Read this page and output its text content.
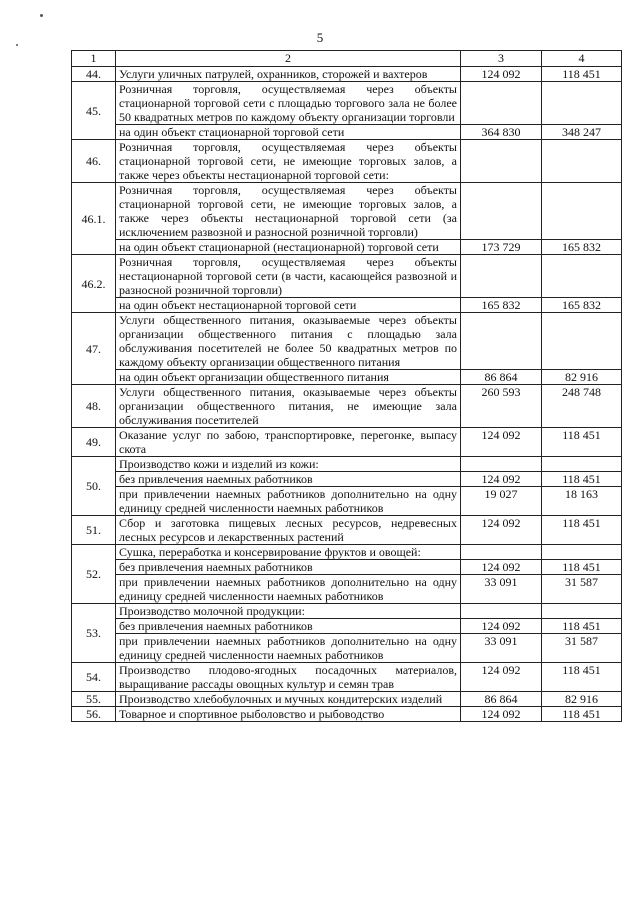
5
1	2	3	4
44.	Услуги уличных патрулей, охранников, сторожей и вахтеров	124 092	118 451
45.	Розничная торговля, осуществляемая через объекты стационарной торговой сети с площадью торгового зала не более 50 квадратных метров по каждому объекту организации торговли		
	на один объект стационарной торговой сети	364 830	348 247
46.	Розничная торговля, осуществляемая через объекты стационарной торговой сети, не имеющие торговых залов, а также через объекты нестационарной торговой сети:		
46.1.	Розничная торговля, осуществляемая через объекты стационарной торговой сети, не имеющие торговых залов, а также через объекты нестационарной торговой сети (за исключением развозной и разносной розничной торговли)		
	на один объект стационарной (нестационарной) торговой сети	173 729	165 832
46.2.	Розничная торговля, осуществляемая через объекты нестационарной торговой сети (в части, касающейся развозной и разносной розничной торговли)		
	на один объект нестационарной торговой сети	165 832	165 832
47.	Услуги общественного питания, оказываемые через объекты организации общественного питания с площадью зала обслуживания посетителей не более 50 квадратных метров по каждому объекту организации общественного питания		
	на один объект организации общественного питания	86 864	82 916
48.	Услуги общественного питания, оказываемые через объекты организации общественного питания, не имеющие зала обслуживания посетителей	260 593	248 748
49.	Оказание услуг по забою, транспортировке, перегонке, выпасу скота	124 092	118 451
50.	Производство кожи и изделий из кожи:		
	без привлечения наемных работников	124 092	118 451
	при привлечении наемных работников дополнительно на одну единицу средней численности наемных работников	19 027	18 163
51.	Сбор и заготовка пищевых лесных ресурсов, недревесных лесных ресурсов и лекарственных растений	124 092	118 451
52.	Сушка, переработка и консервирование фруктов и овощей:		
	без привлечения наемных работников	124 092	118 451
	при привлечении наемных работников дополнительно на одну единицу средней численности наемных работников	33 091	31 587
53.	Производство молочной продукции:		
	без привлечения наемных работников	124 092	118 451
	при привлечении наемных работников дополнительно на одну единицу средней численности наемных работников	33 091	31 587
54.	Производство плодово-ягодных посадочных материалов, выращивание рассады овощных культур и семян трав	124 092	118 451
55.	Производство хлебобулочных и мучных кондитерских изделий	86 864	82 916
56.	Товарное и спортивное рыболовство и рыбоводство	124 092	118 451
